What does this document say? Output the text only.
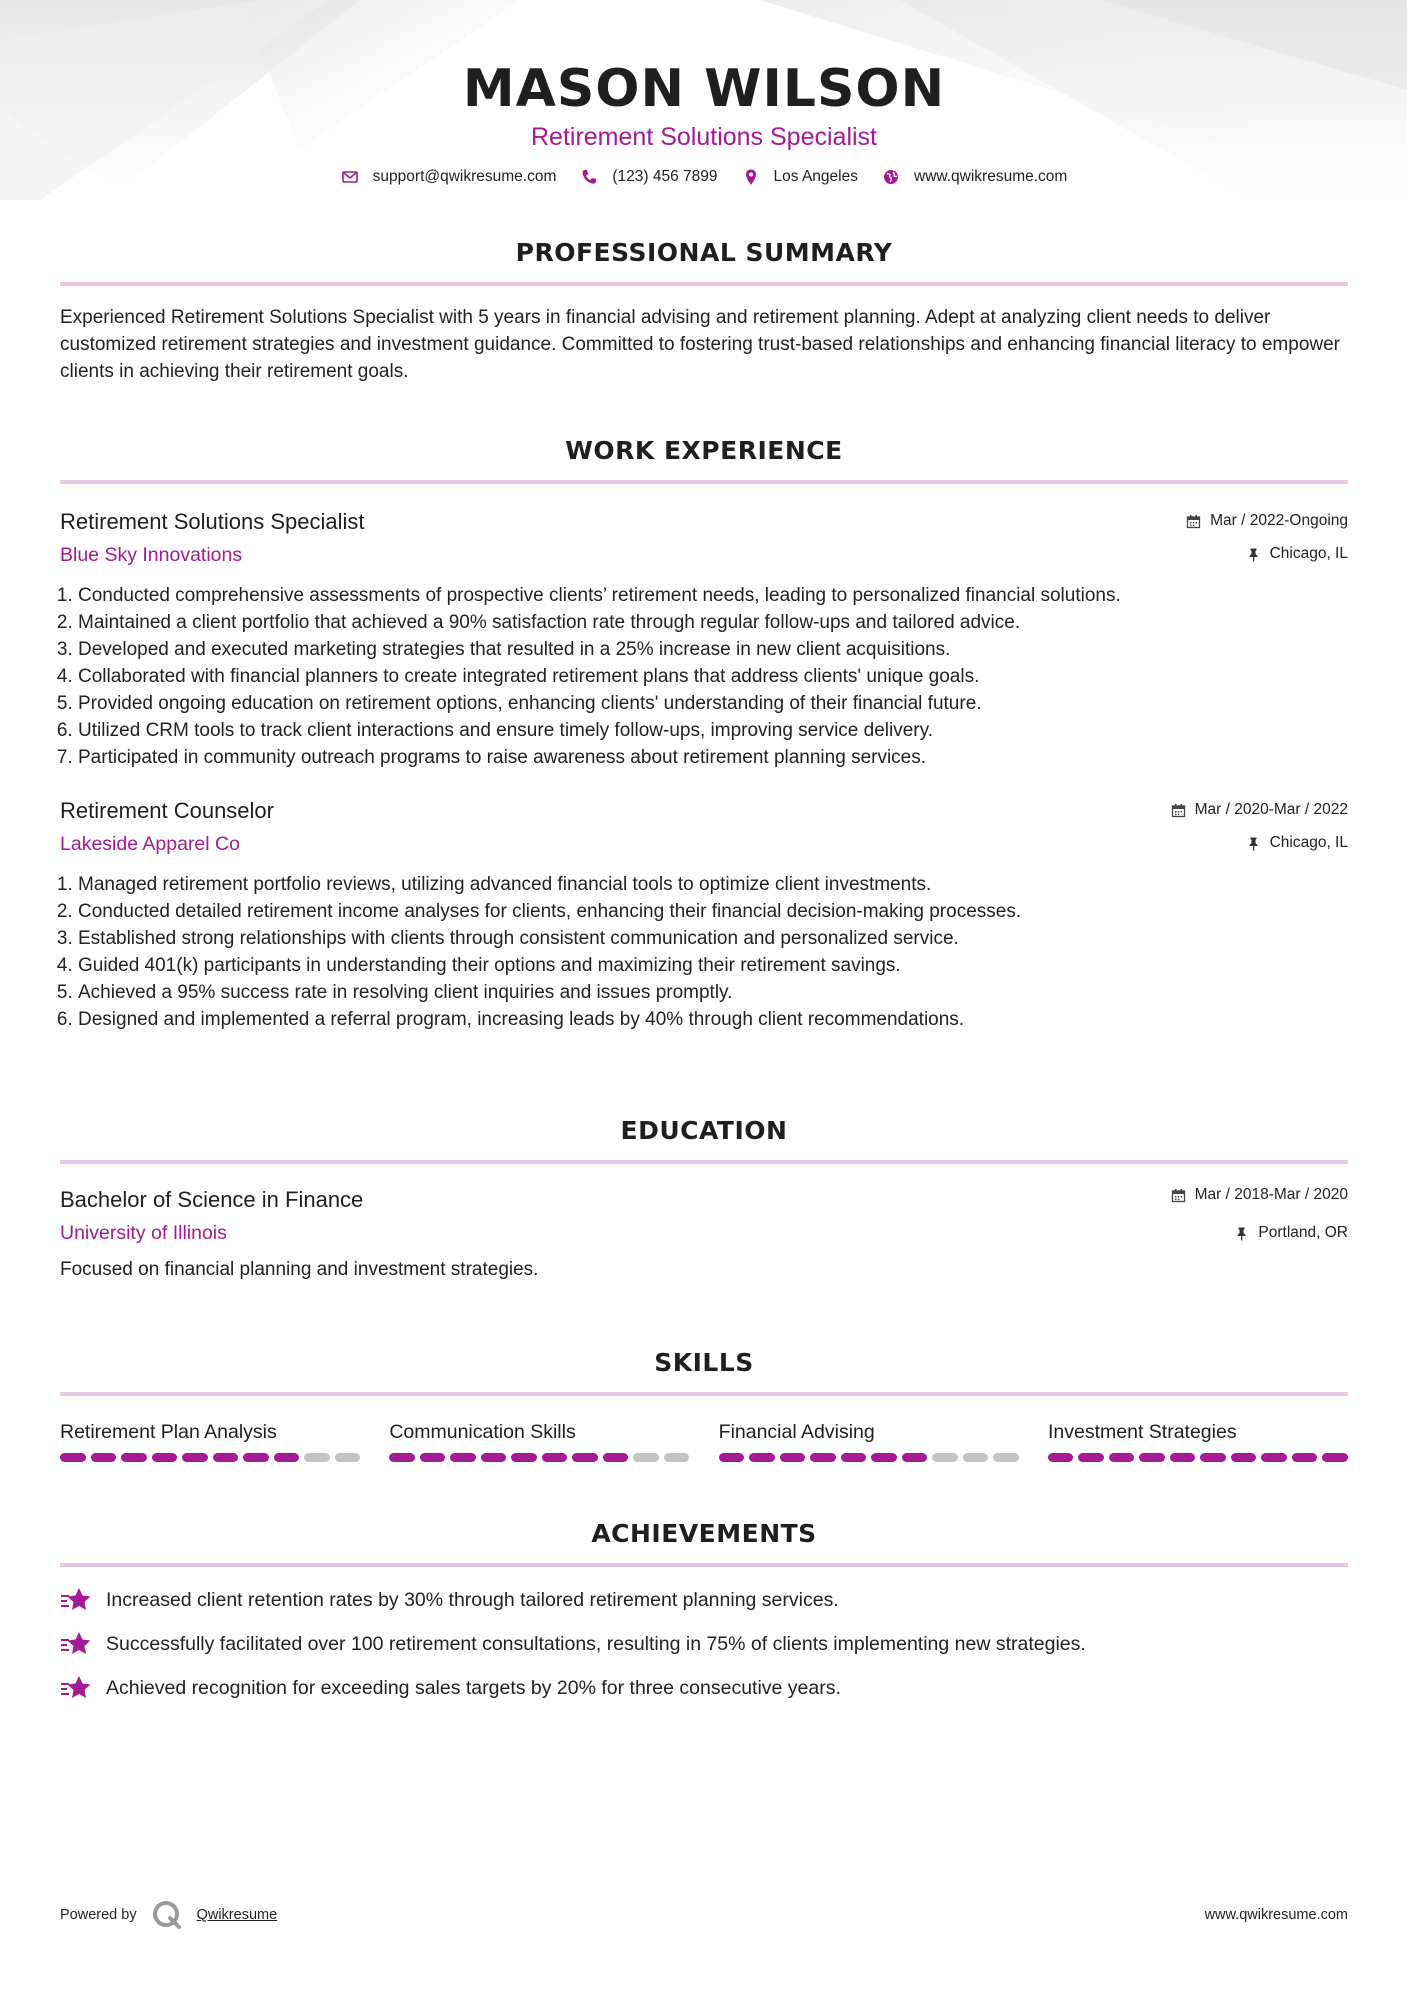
MASON WILSON
Retirement Solutions Specialist
support@qwikresume.com	(123) 456 7899	Los Angeles	www.qwikresume.com
PROFESSIONAL SUMMARY
Experienced Retirement Solutions Specialist with 5 years in financial advising and retirement planning. Adept at analyzing client needs to deliver customized retirement strategies and investment guidance. Committed to fostering trust-based relationships and enhancing financial literacy to empower clients in achieving their retirement goals.
WORK EXPERIENCE
Retirement Solutions Specialist
Blue Sky Innovations
Mar / 2022-Ongoing
Chicago, IL
1. Conducted comprehensive assessments of prospective clients’ retirement needs, leading to personalized financial solutions.
2. Maintained a client portfolio that achieved a 90% satisfaction rate through regular follow-ups and tailored advice.
3. Developed and executed marketing strategies that resulted in a 25% increase in new client acquisitions.
4. Collaborated with financial planners to create integrated retirement plans that address clients' unique goals.
5. Provided ongoing education on retirement options, enhancing clients' understanding of their financial future.
6. Utilized CRM tools to track client interactions and ensure timely follow-ups, improving service delivery.
7. Participated in community outreach programs to raise awareness about retirement planning services.
Retirement Counselor
Lakeside Apparel Co
Mar / 2020-Mar / 2022
Chicago, IL
1. Managed retirement portfolio reviews, utilizing advanced financial tools to optimize client investments.
2. Conducted detailed retirement income analyses for clients, enhancing their financial decision-making processes.
3. Established strong relationships with clients through consistent communication and personalized service.
4. Guided 401(k) participants in understanding their options and maximizing their retirement savings.
5. Achieved a 95% success rate in resolving client inquiries and issues promptly.
6. Designed and implemented a referral program, increasing leads by 40% through client recommendations.
EDUCATION
Bachelor of Science in Finance
University of Illinois
Mar / 2018-Mar / 2020
Portland, OR
Focused on financial planning and investment strategies.
SKILLS
Retirement Plan Analysis	Communication Skills	Financial Advising	Investment Strategies
ACHIEVEMENTS
Increased client retention rates by 30% through tailored retirement planning services.
Successfully facilitated over 100 retirement consultations, resulting in 75% of clients implementing new strategies.
Achieved recognition for exceeding sales targets by 20% for three consecutive years.
Powered by	Qwikresume	www.qwikresume.com
